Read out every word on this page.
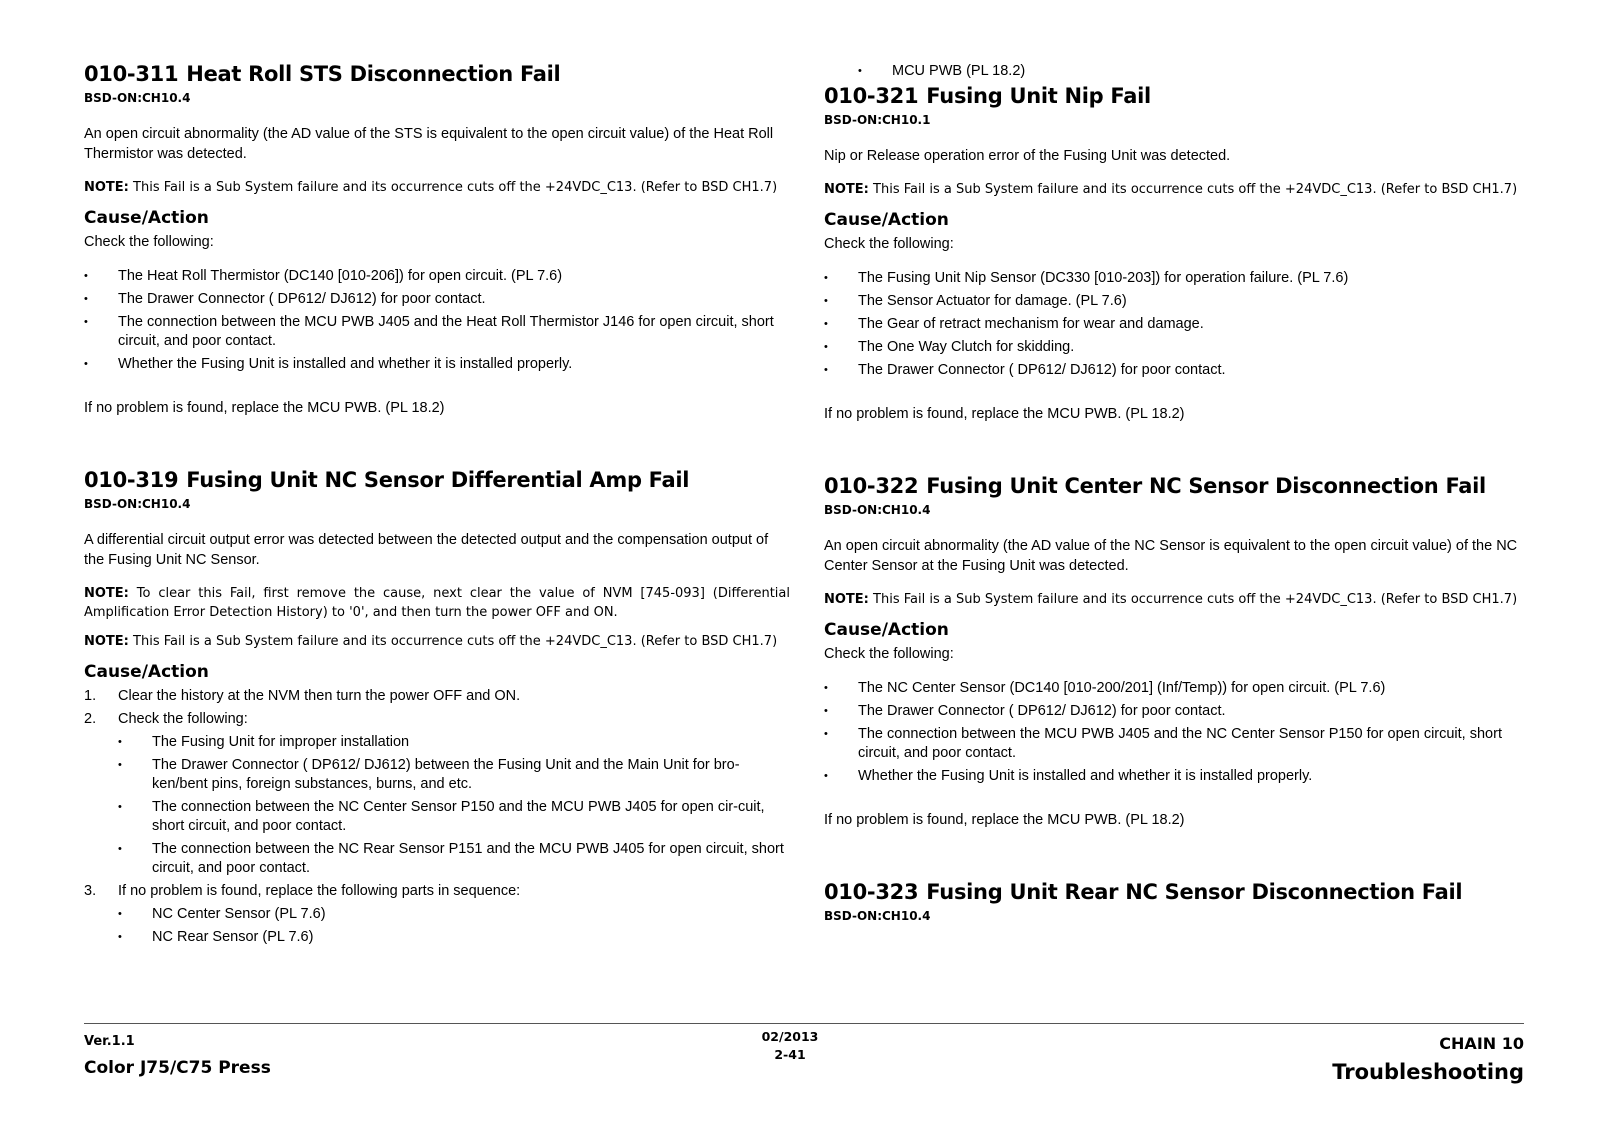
010-311 Heat Roll STS Disconnection Fail
BSD-ON:CH10.4

An open circuit abnormality (the AD value of the STS is equivalent to the open circuit value) of the Heat Roll Thermistor was detected.

NOTE: This Fail is a Sub System failure and its occurrence cuts off the +24VDC_C13. (Refer to BSD CH1.7)

Cause/Action
Check the following:
• The Heat Roll Thermistor (DC140 [010-206]) for open circuit. (PL 7.6)
• The Drawer Connector ( DP612/ DJ612) for poor contact.
• The connection between the MCU PWB J405 and the Heat Roll Thermistor J146 for open circuit, short circuit, and poor contact.
• Whether the Fusing Unit is installed and whether it is installed properly.

If no problem is found, replace the MCU PWB. (PL 18.2)

010-319 Fusing Unit NC Sensor Differential Amp Fail
BSD-ON:CH10.4

A differential circuit output error was detected between the detected output and the compensation output of the Fusing Unit NC Sensor.

NOTE: To clear this Fail, first remove the cause, next clear the value of NVM [745-093] (Differential Amplification Error Detection History) to '0', and then turn the power OFF and ON.

NOTE: This Fail is a Sub System failure and its occurrence cuts off the +24VDC_C13. (Refer to BSD CH1.7)

Cause/Action
1. Clear the history at the NVM then turn the power OFF and ON.
2. Check the following:
• The Fusing Unit for improper installation
• The Drawer Connector ( DP612/ DJ612) between the Fusing Unit and the Main Unit for bro-ken/bent pins, foreign substances, burns, and etc.
• The connection between the NC Center Sensor P150 and the MCU PWB J405 for open cir-cuit, short circuit, and poor contact.
• The connection between the NC Rear Sensor P151 and the MCU PWB J405 for open circuit, short circuit, and poor contact.
3. If no problem is found, replace the following parts in sequence:
• NC Center Sensor (PL 7.6)
• NC Rear Sensor (PL 7.6)
• MCU PWB (PL 18.2)
010-321 Fusing Unit Nip Fail
BSD-ON:CH10.1

Nip or Release operation error of the Fusing Unit was detected.

NOTE: This Fail is a Sub System failure and its occurrence cuts off the +24VDC_C13. (Refer to BSD CH1.7)

Cause/Action
Check the following:
• The Fusing Unit Nip Sensor (DC330 [010-203]) for operation failure. (PL 7.6)
• The Sensor Actuator for damage. (PL 7.6)
• The Gear of retract mechanism for wear and damage.
• The One Way Clutch for skidding.
• The Drawer Connector ( DP612/ DJ612) for poor contact.

If no problem is found, replace the MCU PWB. (PL 18.2)

010-322 Fusing Unit Center NC Sensor Disconnection Fail
BSD-ON:CH10.4

An open circuit abnormality (the AD value of the NC Sensor is equivalent to the open circuit value) of the NC Center Sensor at the Fusing Unit was detected.

NOTE: This Fail is a Sub System failure and its occurrence cuts off the +24VDC_C13. (Refer to BSD CH1.7)

Cause/Action
Check the following:
• The NC Center Sensor (DC140 [010-200/201] (Inf/Temp)) for open circuit. (PL 7.6)
• The Drawer Connector ( DP612/ DJ612) for poor contact.
• The connection between the MCU PWB J405 and the NC Center Sensor P150 for open circuit, short circuit, and poor contact.
• Whether the Fusing Unit is installed and whether it is installed properly.

If no problem is found, replace the MCU PWB. (PL 18.2)

010-323 Fusing Unit Rear NC Sensor Disconnection Fail
BSD-ON:CH10.4
Ver.1.1
Color J75/C75 Press
02/2013
2-41
CHAIN 10
Troubleshooting
